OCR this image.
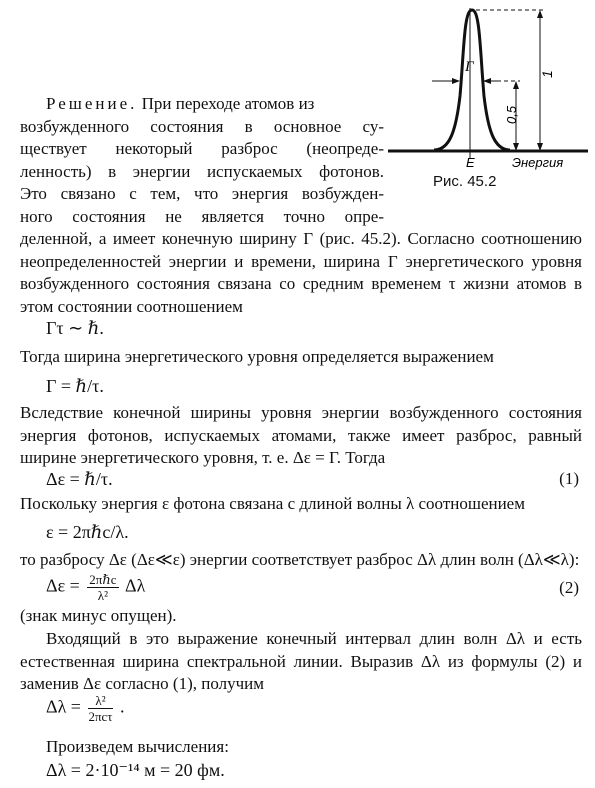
Γ	1
0,5
E	Энергия
Рис. 45.2
Решение. При переходе атомов из
возбужденного состояния в основное су-
ществует некоторый разброс (неопреде-
ленность) в энергии испускаемых фотонов.
Это связано с тем, что энергия возбужден-
ного состояния не является точно опре-

деленной, а имеет конечную ширину Γ (рис. 45.2). Согласно соотношению неопределенностей энергии и времени, ширина Γ энергетического уровня возбужденного состояния связана со средним временем τ жизни атомов в этом состоянии соотношением

Γτ ∼ ℏ.

Тогда ширина энергетического уровня определяется выражением

Γ = ℏ/τ.

Вследствие конечной ширины уровня энергии возбужденного состояния энергия фотонов, испускаемых атомами, также имеет разброс, равный ширине энергетического уровня, т. е. Δε = Γ. Тогда

Δε = ℏ/τ.	(1)

Поскольку энергия ε фотона связана с длиной волны λ соотношением

ε = 2πℏc/λ.

то разбросу Δε (Δε≪ε) энергии соответствует разброс Δλ длин волн (Δλ≪λ):

$\Delta\varepsilon = \frac{\text{2πℏc}}{\text{λ²}}$ Δλ	(2)

(знак минус опущен).

Входящий в это выражение конечный интервал длин волн Δλ и есть естественная ширина спектральной линии. Выразив Δλ из формулы (2) и заменив Δε согласно (1), получим

$\Delta\lambda = \frac{\text{λ²}}{\text{2πcτ}}$ .

Произведем вычисления:

Δλ = 2·10⁻¹⁴ м = 20 фм.
